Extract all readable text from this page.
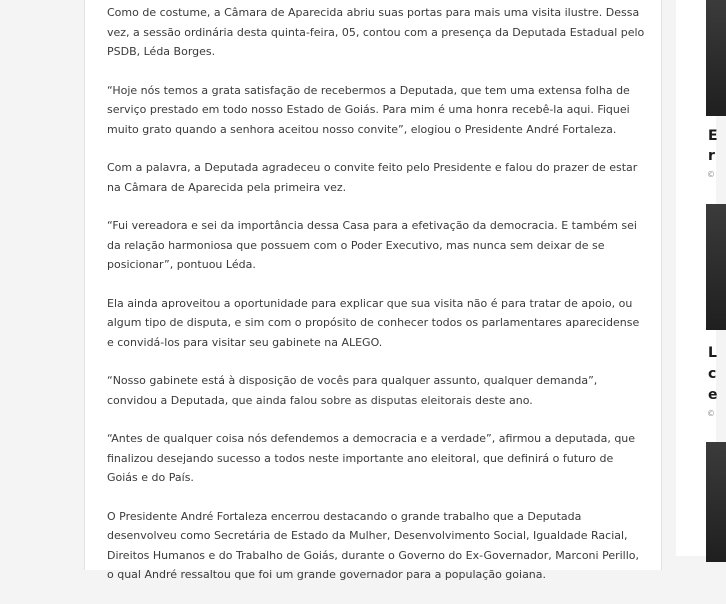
Como de costume, a Câmara de Aparecida abriu suas portas para mais uma visita ilustre. Dessa vez, a sessão ordinária desta quinta-feira, 05, contou com a presença da Deputada Estadual pelo PSDB, Léda Borges.

“Hoje nós temos a grata satisfação de recebermos a Deputada, que tem uma extensa folha de serviço prestado em todo nosso Estado de Goiás. Para mim é uma honra recebê-la aqui. Fiquei muito grato quando a senhora aceitou nosso convite”, elogiou o Presidente André Fortaleza.

Com a palavra, a Deputada agradeceu o convite feito pelo Presidente e falou do prazer de estar na Câmara de Aparecida pela primeira vez.

“Fui vereadora e sei da importância dessa Casa para a efetivação da democracia. E também sei da relação harmoniosa que possuem com o Poder Executivo, mas nunca sem deixar de se posicionar”, pontuou Léda.

Ela ainda aproveitou a oportunidade para explicar que sua visita não é para tratar de apoio, ou algum tipo de disputa, e sim com o propósito de conhecer todos os parlamentares aparecidense e convidá-los para visitar seu gabinete na ALEGO.

“Nosso gabinete está à disposição de vocês para qualquer assunto, qualquer demanda”, convidou a Deputada, que ainda falou sobre as disputas eleitorais deste ano.

“Antes de qualquer coisa nós defendemos a democracia e a verdade”, afirmou a deputada, que finalizou desejando sucesso a todos neste importante ano eleitoral, que definirá o futuro de Goiás e do País.

O Presidente André Fortaleza encerrou destacando o grande trabalho que a Deputada desenvolveu como Secretária de Estado da Mulher, Desenvolvimento Social, Igualdade Racial, Direitos Humanos e do Trabalho de Goiás, durante o Governo do Ex-Governador, Marconi Perillo, o qual André ressaltou que foi um grande governador para a população goiana.

E
r
©
L
c
e
©
